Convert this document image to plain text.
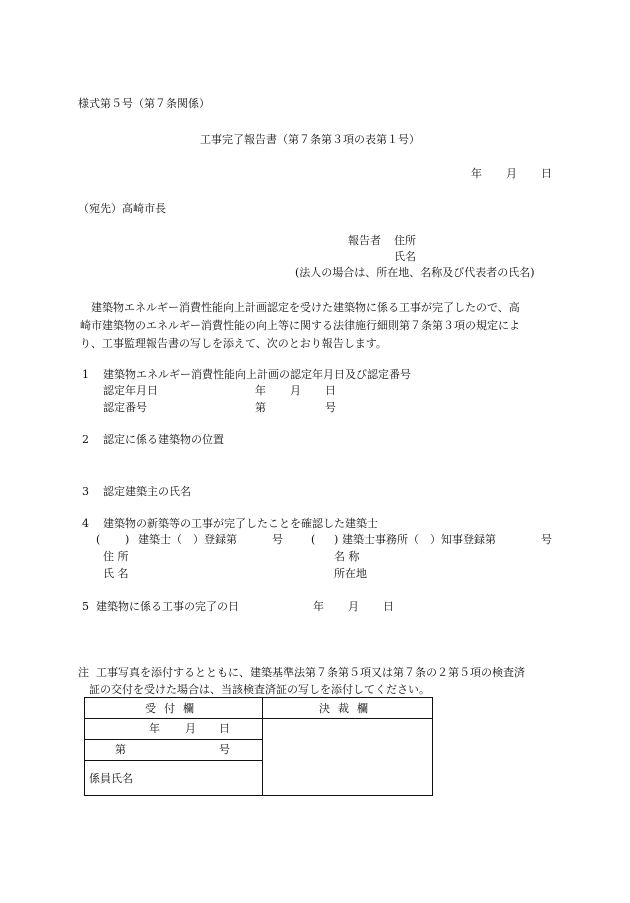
様式第５号（第７条関係）
工事完了報告書（第７条第３項の表第１号）
年 月 日
（宛先）高崎市長
報告者 住所
氏名
(法人の場合は、所在地、名称及び代表者の氏名)
建築物エネルギー消費性能向上計画認定を受けた建築物に係る工事が完了したので、高
崎市建築物のエネルギー消費性能の向上等に関する法律施行細則第７条第３項の規定によ
り、工事監理報告書の写しを添えて、次のとおり報告します。
1 建築物エネルギー消費性能向上計画の認定年月日及び認定番号
認定年月日	年 月 日
認定番号	第	号
2 認定に係る建築物の位置
3 認定建築主の氏名
4 建築物の新築等の工事が完了したことを確認した建築士
( ) 建築士（　）登録第	号	( ) 建築士事務所（　）知事登録第	号
住 所	名 称
氏 名	所在地
5 建築物に係る工事の完了の日	年 月 日
注 工事写真を添付するとともに、建築基準法第７条第５項又は第７条の２第５項の検査済
証の交付を受けた場合は、当該検査済証の写しを添付してください。
受付欄	決裁欄

年 月 日	

第 号	

係員氏名	
